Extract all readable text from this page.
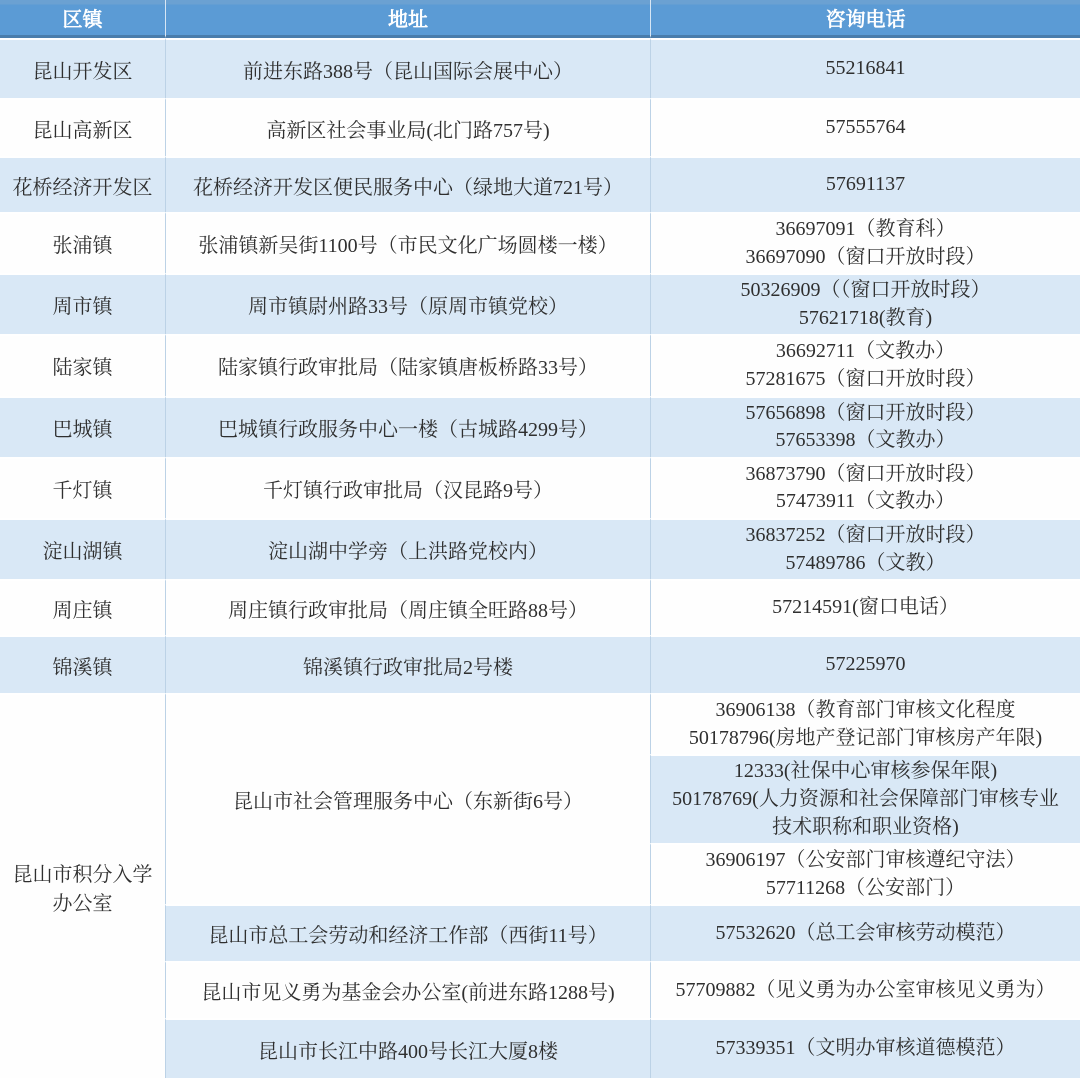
区镇	地址	咨询电话
昆山开发区	前进东路388号（昆山国际会展中心）	55216841

昆山高新区	高新区社会事业局(北门路757号)	57555764

花桥经济开发区	花桥经济开发区便民服务中心（绿地大道721号）	57691137

张浦镇	张浦镇新吴街1100号（市民文化广场圆楼一楼）	36697091（教育科）
36697090（窗口开放时段）

周市镇	周市镇尉州路33号（原周市镇党校）	50326909（（窗口开放时段）
57621718(教育)

陆家镇	陆家镇行政审批局（陆家镇唐板桥路33号）	36692711（文教办）
57281675（窗口开放时段）

巴城镇	巴城镇行政服务中心一楼（古城路4299号）	57656898（窗口开放时段）
57653398（文教办）

千灯镇	千灯镇行政审批局（汉昆路9号）	36873790（窗口开放时段）
57473911（文教办）

淀山湖镇	淀山湖中学旁（上洪路党校内）	36837252（窗口开放时段）
57489786（文教）

周庄镇	周庄镇行政审批局（周庄镇全旺路88号）	57214591(窗口电话）

锦溪镇	锦溪镇行政审批局2号楼	57225970

昆山市积分入学办公室	昆山市社会管理服务中心（东新街6号）	36906138（教育部门审核文化程度
50178796(房地产登记部门审核房产年限)

		12333(社保中心审核参保年限)
50178769(人力资源和社会保障部门审核专业
技术职称和职业资格)

		36906197（公安部门审核遵纪守法）
57711268（公安部门）

	昆山市总工会劳动和经济工作部（西街11号）	57532620（总工会审核劳动模范）

	昆山市见义勇为基金会办公室(前进东路1288号)	57709882（见义勇为办公室审核见义勇为）

	昆山市长江中路400号长江大厦8楼	57339351（文明办审核道德模范）
